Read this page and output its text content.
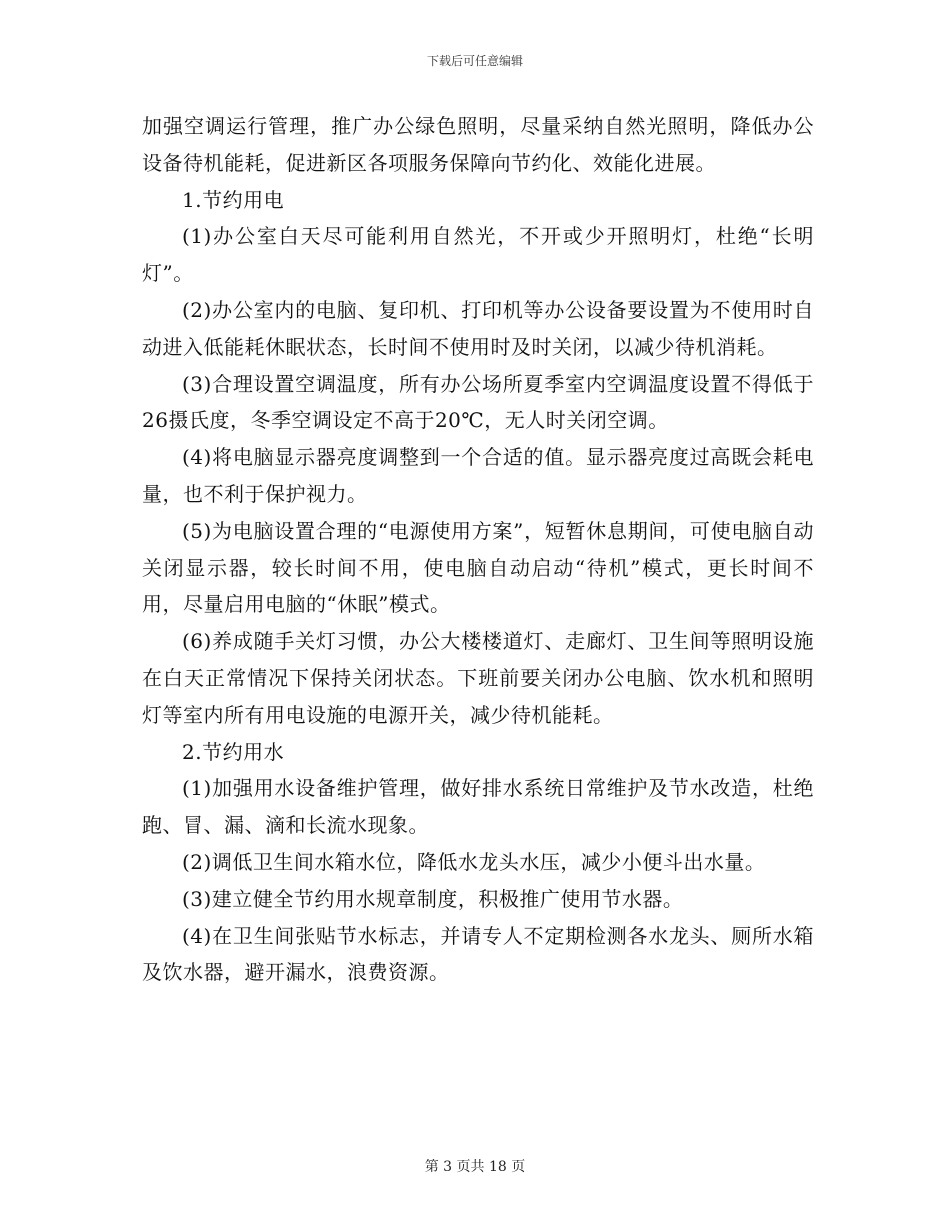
下载后可任意编辑

加强空调运行管理，推广办公绿色照明，尽量采纳自然光照明，降低办公设备待机能耗，促进新区各项服务保障向节约化、效能化进展。

1.节约用电

(1)办公室白天尽可能利用自然光，不开或少开照明灯，杜绝“长明灯”。

(2)办公室内的电脑、复印机、打印机等办公设备要设置为不使用时自动进入低能耗休眠状态，长时间不使用时及时关闭，以减少待机消耗。

(3)合理设置空调温度，所有办公场所夏季室内空调温度设置不得低于26摄氏度，冬季空调设定不高于20℃，无人时关闭空调。

(4)将电脑显示器亮度调整到一个合适的值。显示器亮度过高既会耗电量，也不利于保护视力。

(5)为电脑设置合理的“电源使用方案”，短暂休息期间，可使电脑自动关闭显示器，较长时间不用，使电脑自动启动“待机”模式，更长时间不用，尽量启用电脑的“休眠”模式。

(6)养成随手关灯习惯，办公大楼楼道灯、走廊灯、卫生间等照明设施在白天正常情况下保持关闭状态。下班前要关闭办公电脑、饮水机和照明灯等室内所有用电设施的电源开关，减少待机能耗。

2.节约用水

(1)加强用水设备维护管理，做好排水系统日常维护及节水改造，杜绝跑、冒、漏、滴和长流水现象。

(2)调低卫生间水箱水位，降低水龙头水压，减少小便斗出水量。

(3)建立健全节约用水规章制度，积极推广使用节水器。

(4)在卫生间张贴节水标志，并请专人不定期检测各水龙头、厕所水箱及饮水器，避开漏水，浪费资源。

第 3 页共 18 页
